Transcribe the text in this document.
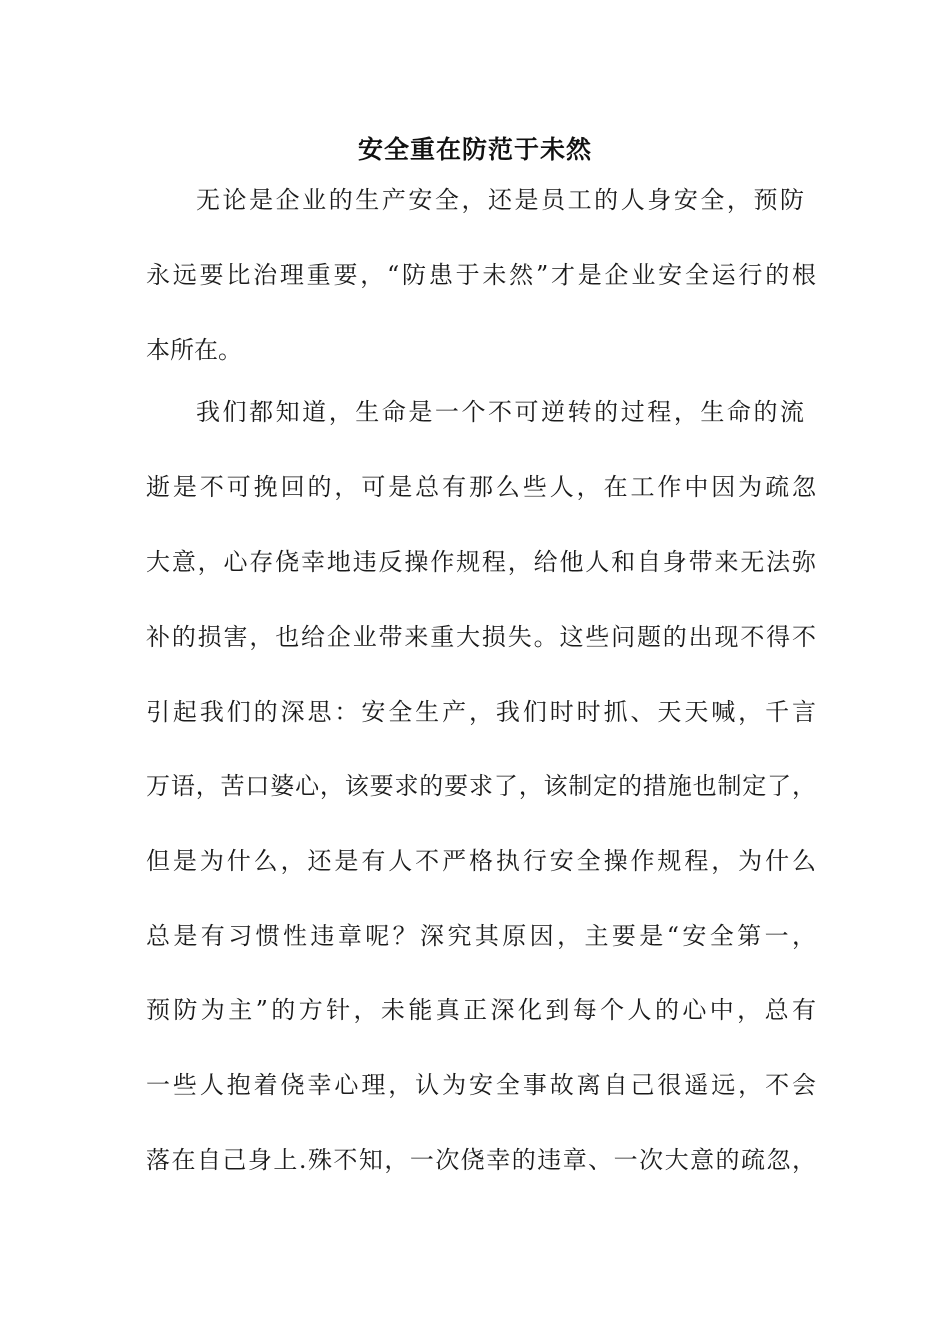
安全重在防范于未然
无论是企业的生产安全，还是员工的人身安全，预防
永远要比治理重要，“防患于未然”才是企业安全运行的根
本所在。
我们都知道，生命是一个不可逆转的过程，生命的流
逝是不可挽回的，可是总有那么些人，在工作中因为疏忽
大意，心存侥幸地违反操作规程，给他人和自身带来无法弥
补的损害，也给企业带来重大损失。这些问题的出现不得不
引起我们的深思：安全生产，我们时时抓、天天喊，千言
万语，苦口婆心，该要求的要求了，该制定的措施也制定了，
但是为什么，还是有人不严格执行安全操作规程，为什么
总是有习惯性违章呢？深究其原因，主要是“安全第一，
预防为主”的方针，未能真正深化到每个人的心中，总有
一些人抱着侥幸心理，认为安全事故离自己很遥远，不会
落在自己身上.殊不知，一次侥幸的违章、一次大意的疏忽，
